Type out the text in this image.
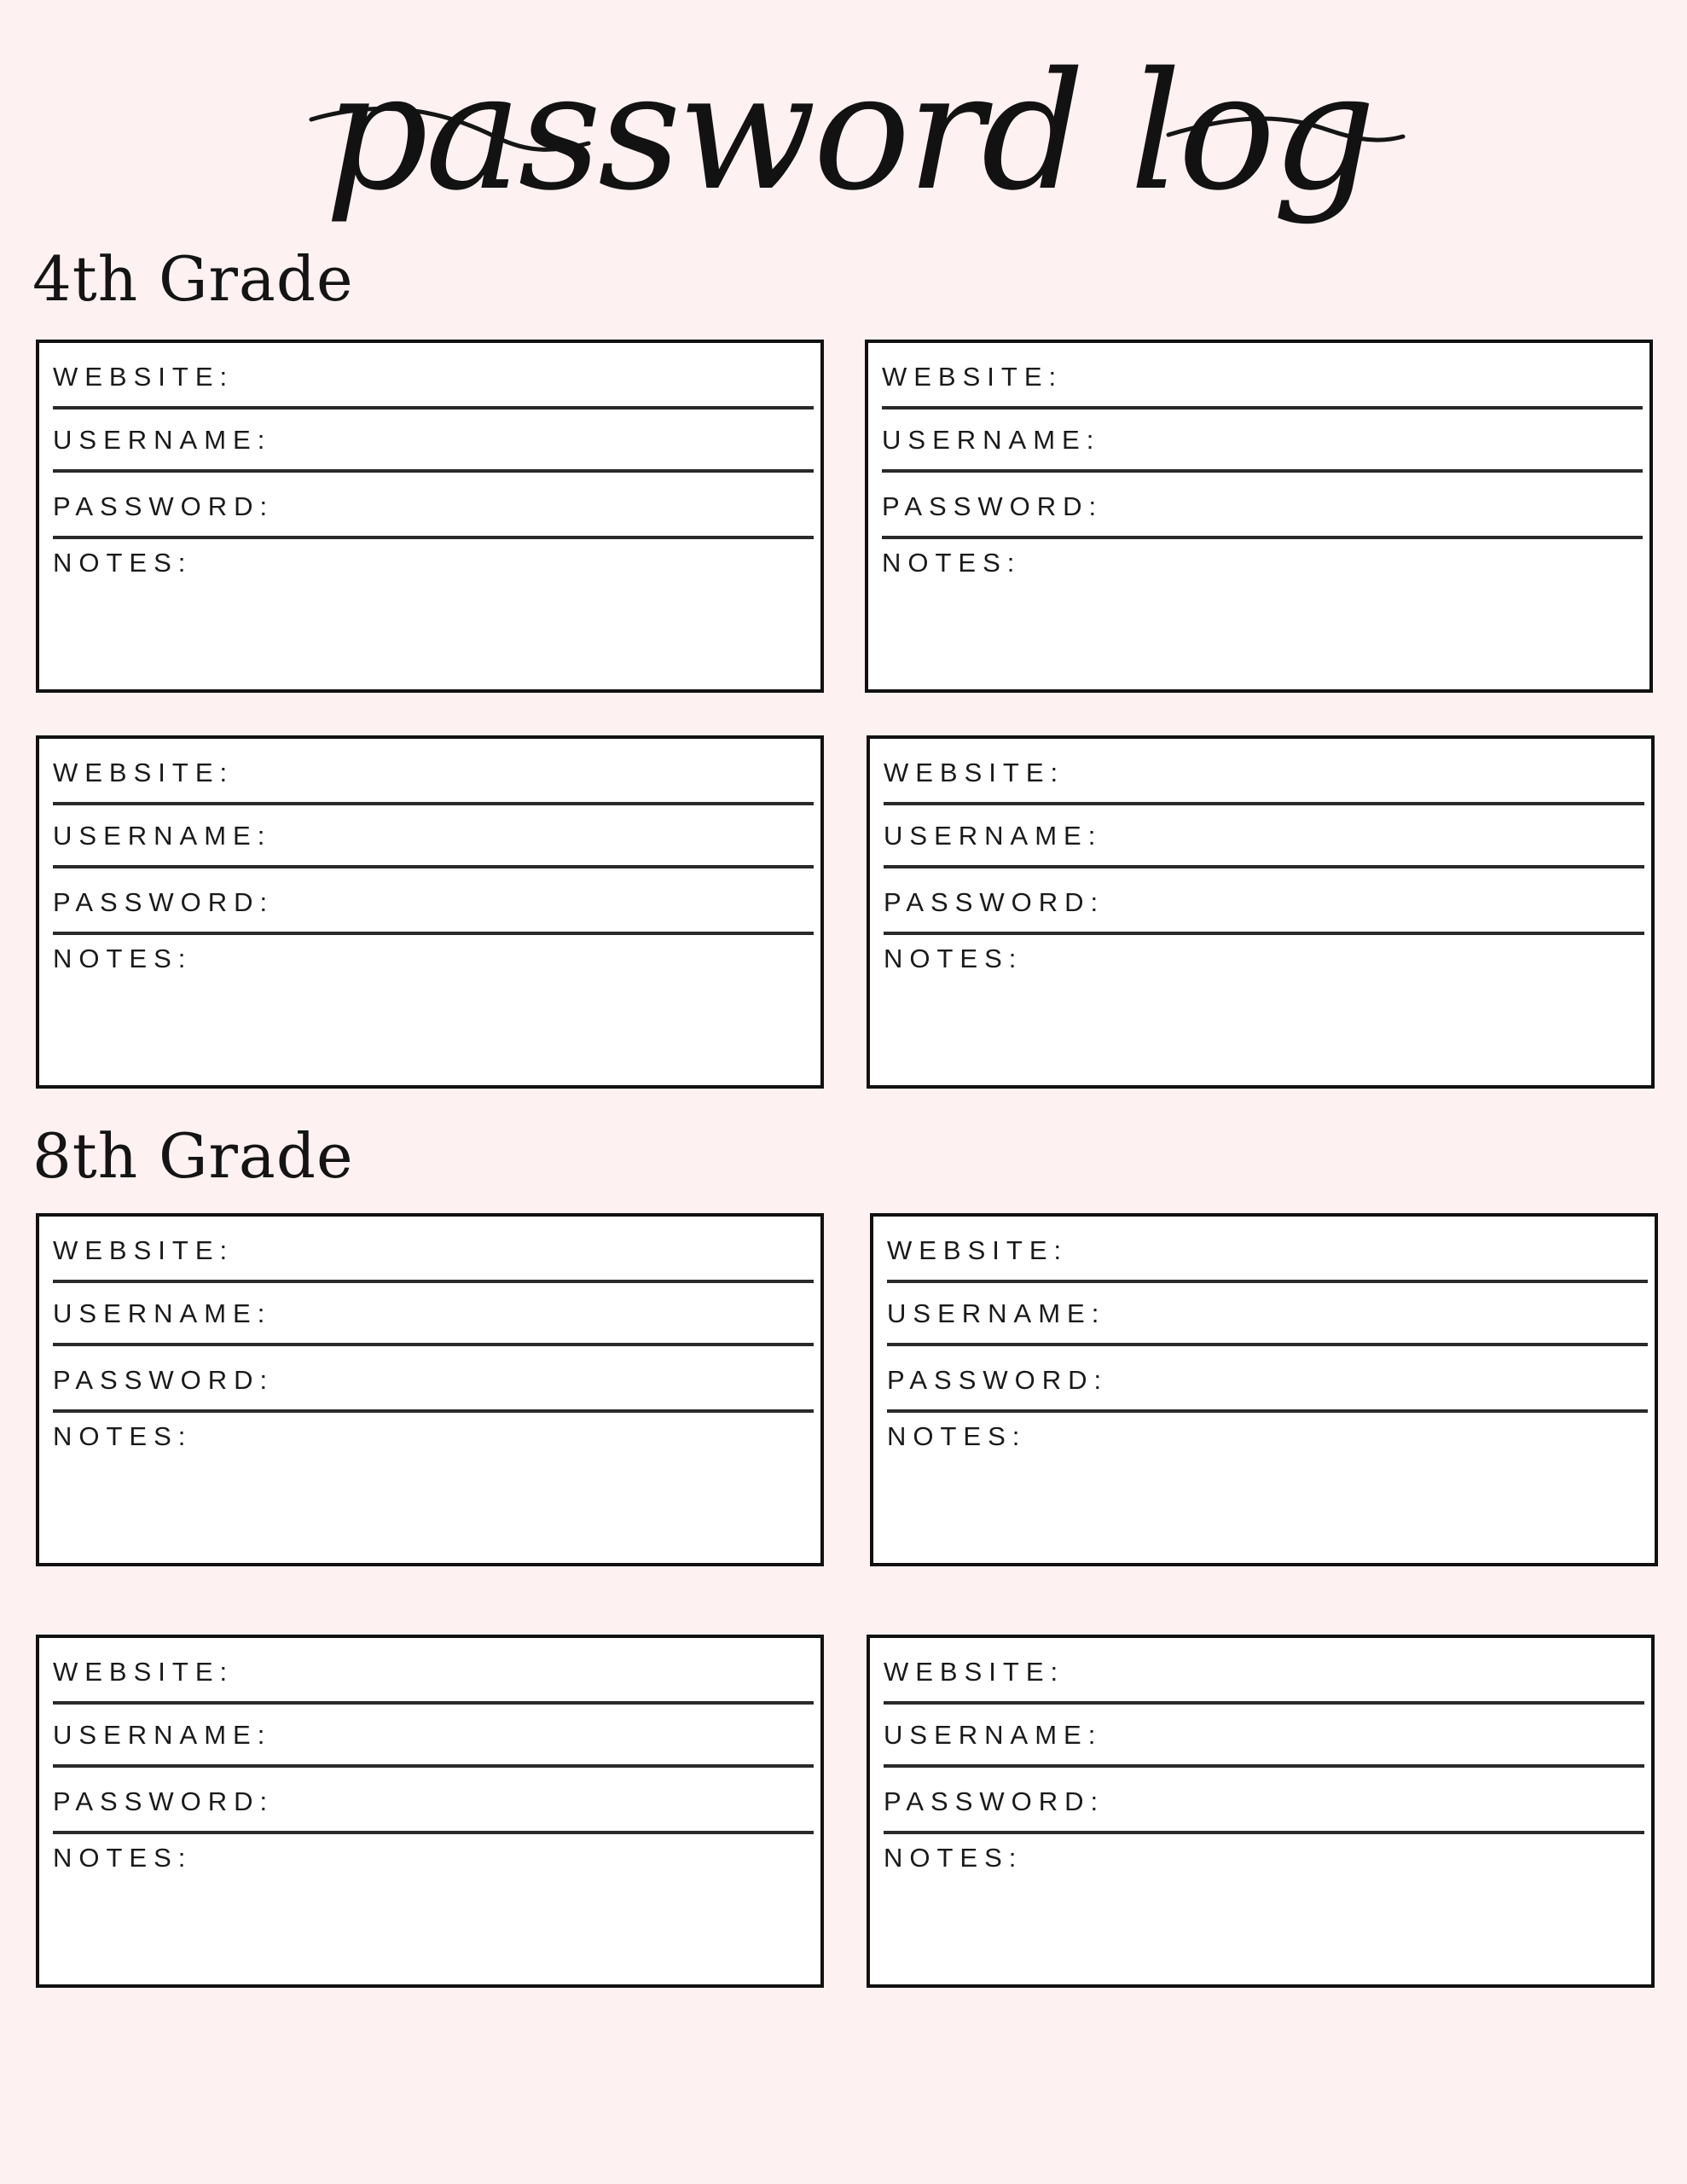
password log
4th Grade
WEBSITE:
USERNAME:
PASSWORD:
NOTES:
WEBSITE:
USERNAME:
PASSWORD:
NOTES:
WEBSITE:
USERNAME:
PASSWORD:
NOTES:
WEBSITE:
USERNAME:
PASSWORD:
NOTES:
8th Grade
WEBSITE:
USERNAME:
PASSWORD:
NOTES:
WEBSITE:
USERNAME:
PASSWORD:
NOTES:
WEBSITE:
USERNAME:
PASSWORD:
NOTES:
WEBSITE:
USERNAME:
PASSWORD:
NOTES:
